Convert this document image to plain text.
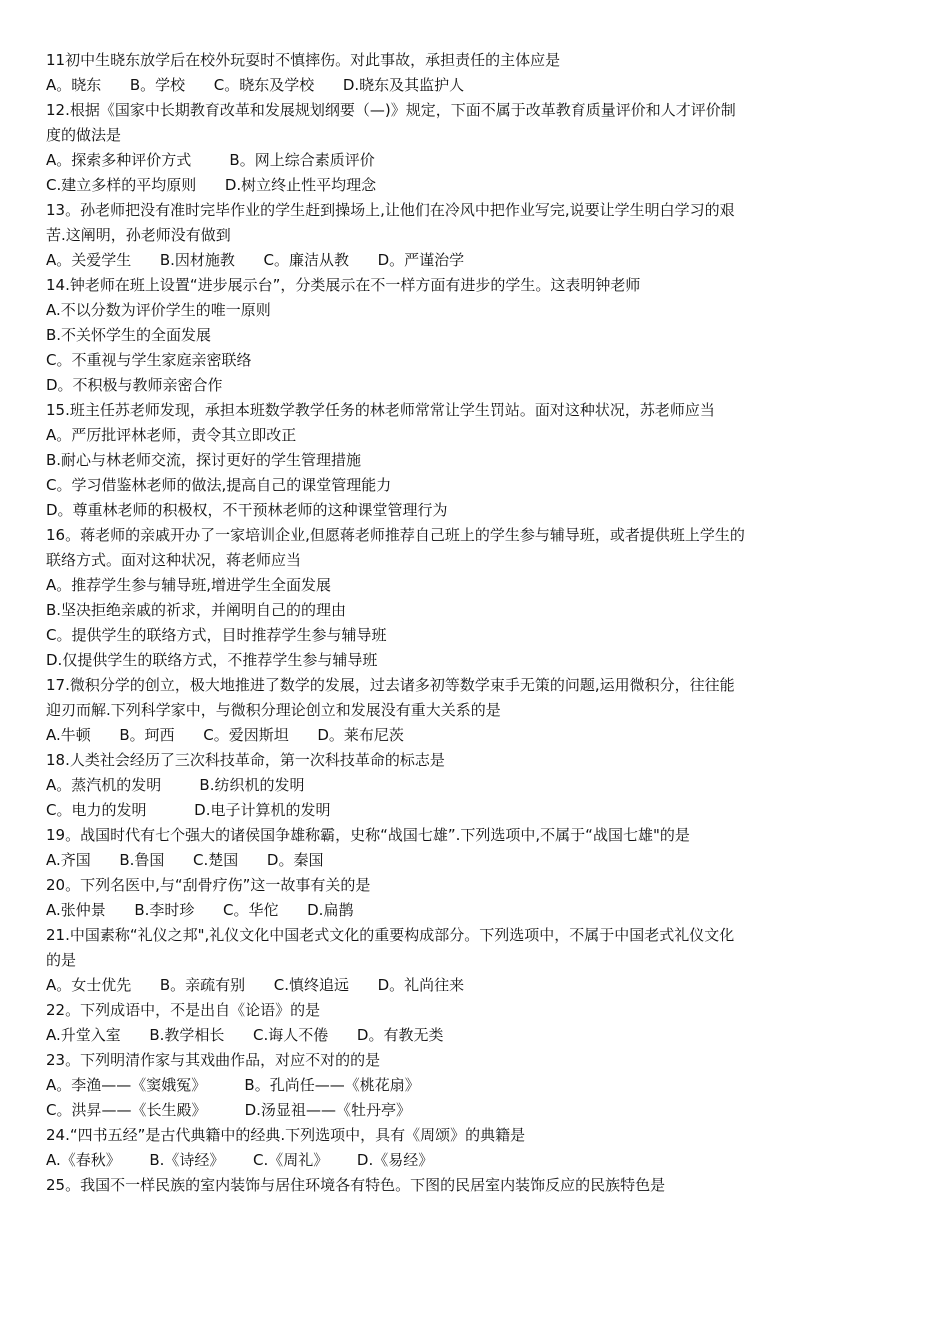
11初中生晓东放学后在校外玩耍时不慎摔伤。对此事故，承担责任的主体应是
A。晓东      B。学校      C。晓东及学校      D.晓东及其监护人
12.根据《国家中长期教育改革和发展规划纲要（—)》规定，下面不属于改革教育质量评价和人才评价制
度的做法是
A。探索多种评价方式        B。网上综合素质评价
C.建立多样的平均原则      D.树立终止性平均理念
13。孙老师把没有准时完毕作业的学生赶到操场上,让他们在冷风中把作业写完,说要让学生明白学习的艰
苦.这阐明，孙老师没有做到
A。关爱学生      B.因材施教      C。廉洁从教      D。严谨治学
14.钟老师在班上设置“进步展示台”，分类展示在不一样方面有进步的学生。这表明钟老师
A.不以分数为评价学生的唯一原则
B.不关怀学生的全面发展
C。不重视与学生家庭亲密联络
D。不积极与教师亲密合作
15.班主任苏老师发现，承担本班数学教学任务的林老师常常让学生罚站。面对这种状况，苏老师应当
A。严厉批评林老师，责令其立即改正
B.耐心与林老师交流，探讨更好的学生管理措施
C。学习借鉴林老师的做法,提高自己的课堂管理能力
D。尊重林老师的积极权，不干预林老师的这种课堂管理行为
16。蒋老师的亲戚开办了一家培训企业,但愿蒋老师推荐自己班上的学生参与辅导班，或者提供班上学生的
联络方式。面对这种状况，蒋老师应当
A。推荐学生参与辅导班,增进学生全面发展
B.坚决拒绝亲戚的祈求，并阐明自己的的理由
C。提供学生的联络方式，目时推荐学生参与辅导班
D.仅提供学生的联络方式，不推荐学生参与辅导班
17.微积分学的创立，极大地推进了数学的发展，过去诸多初等数学束手无策的问题,运用微积分，往往能
迎刃而解.下列科学家中，与微积分理论创立和发展没有重大关系的是
A.牛顿      B。珂西      C。爱因斯坦      D。莱布尼茨
18.人类社会经历了三次科技革命，第一次科技革命的标志是
A。蒸汽机的发明        B.纺织机的发明
C。电力的发明          D.电子计算机的发明
19。战国时代有七个强大的诸侯国争雄称霸，史称“战国七雄”.下列选项中,不属于“战国七雄"的是
A.齐国      B.鲁国      C.楚国      D。秦国
20。下列名医中,与“刮骨疗伤”这一故事有关的是
A.张仲景      B.李时珍      C。华佗      D.扁鹊
21.中国素称“礼仪之邦",礼仪文化中国老式文化的重要构成部分。下列选项中，不属于中国老式礼仪文化
的是
A。女士优先      B。亲疏有别      C.慎终追远      D。礼尚往来
22。下列成语中，不是出自《论语》的是
A.升堂入室      B.教学相长      C.诲人不倦      D。有教无类
23。下列明清作家与其戏曲作品，对应不对的的是
A。李渔——《窦娥冤》        B。孔尚任——《桃花扇》
C。洪昇——《长生殿》        D.汤显祖——《牡丹亭》
24.“四书五经”是古代典籍中的经典.下列选项中，具有《周颂》的典籍是
A.《春秋》      B.《诗经》      C.《周礼》      D.《易经》
25。我国不一样民族的室内装饰与居住环境各有特色。下图的民居室内装饰反应的民族特色是
